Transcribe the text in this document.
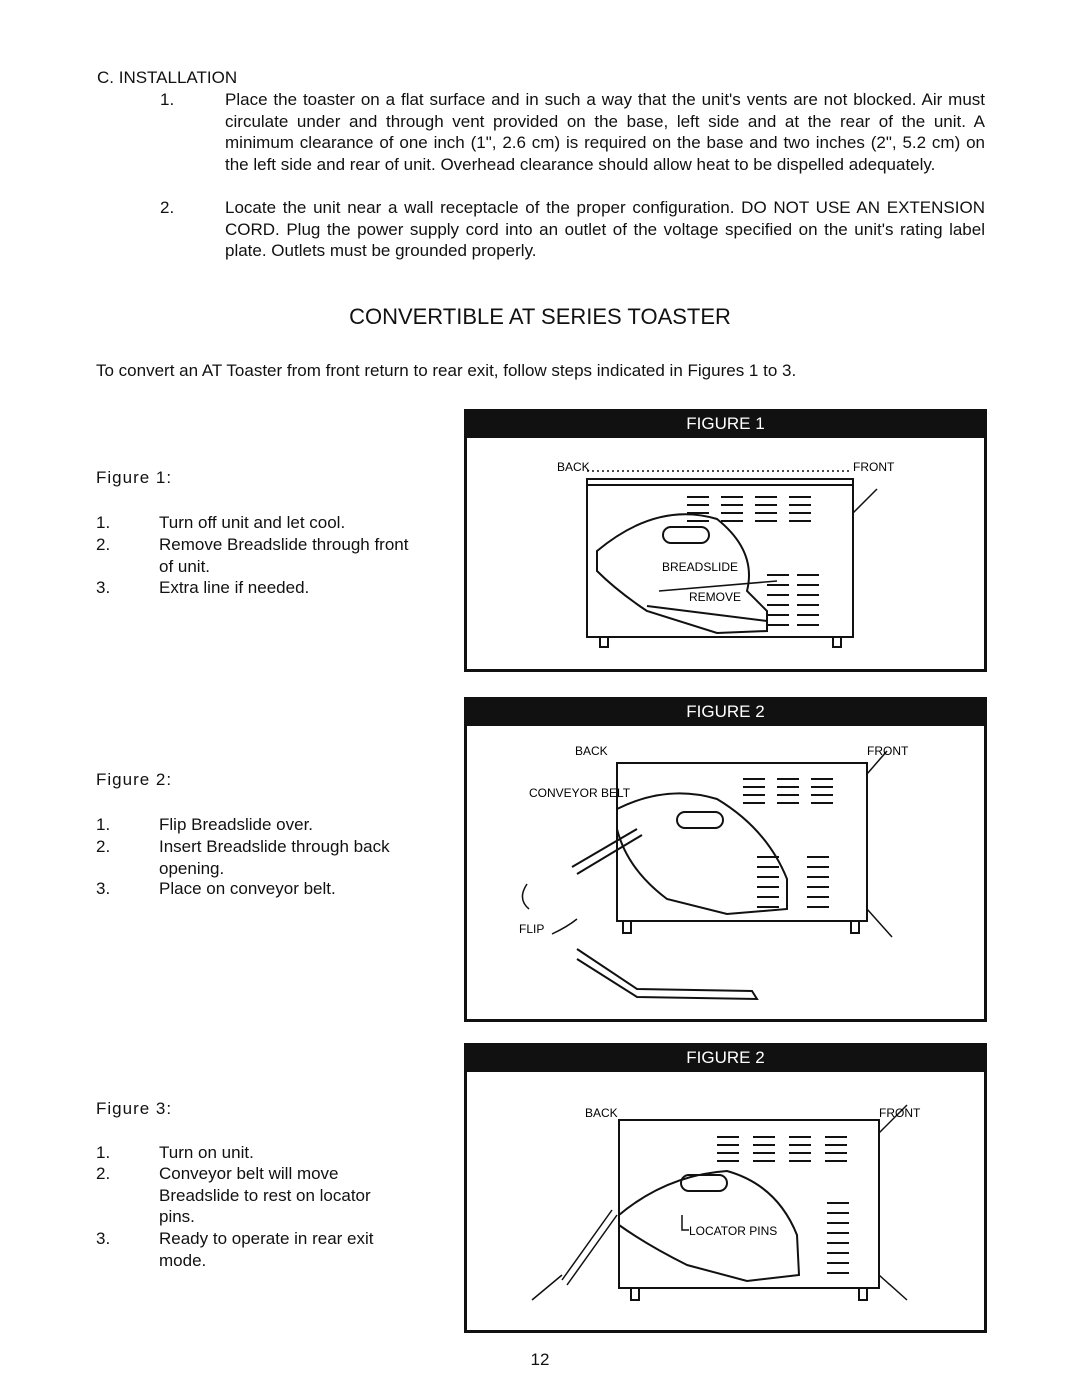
C. INSTALLATION
1.	Place the toaster on a flat surface and in such a way that the unit's vents are not blocked. Air must circulate under and through vent provided on the base, left side and at the rear of the unit. A minimum clearance of one inch (1", 2.6 cm) is required on the base and two inches (2", 5.2 cm) on the left side and rear of unit. Overhead clearance should allow heat to be dispelled adequately.
2.	Locate the unit near a wall receptacle of the proper configuration. DO NOT USE AN EXTENSION CORD. Plug the power supply cord into an outlet of the voltage specified on the unit's rating label plate. Outlets must be grounded properly.
CONVERTIBLE AT SERIES TOASTER
To convert an AT Toaster from front return to rear exit, follow steps indicated in Figures 1 to 3.
Figure 1:
1.	Turn off unit and let cool.
2.	Remove Breadslide through front of unit.
3.	Extra line if needed.
Figure 2:
1.	Flip Breadslide over.
2.	Insert Breadslide through back opening.
3.	Place on conveyor belt.
Figure 3:
1.	Turn on unit.
2.	Conveyor belt will move Breadslide to rest on locator pins.
3.	Ready to operate in rear exit mode.
FIGURE 1
BACK	FRONT
BREADSLIDE
REMOVE
FIGURE 2
BACK	FRONT
CONVEYOR BELT
FLIP
FIGURE 2
BACK	FRONT
LOCATOR PINS
12
